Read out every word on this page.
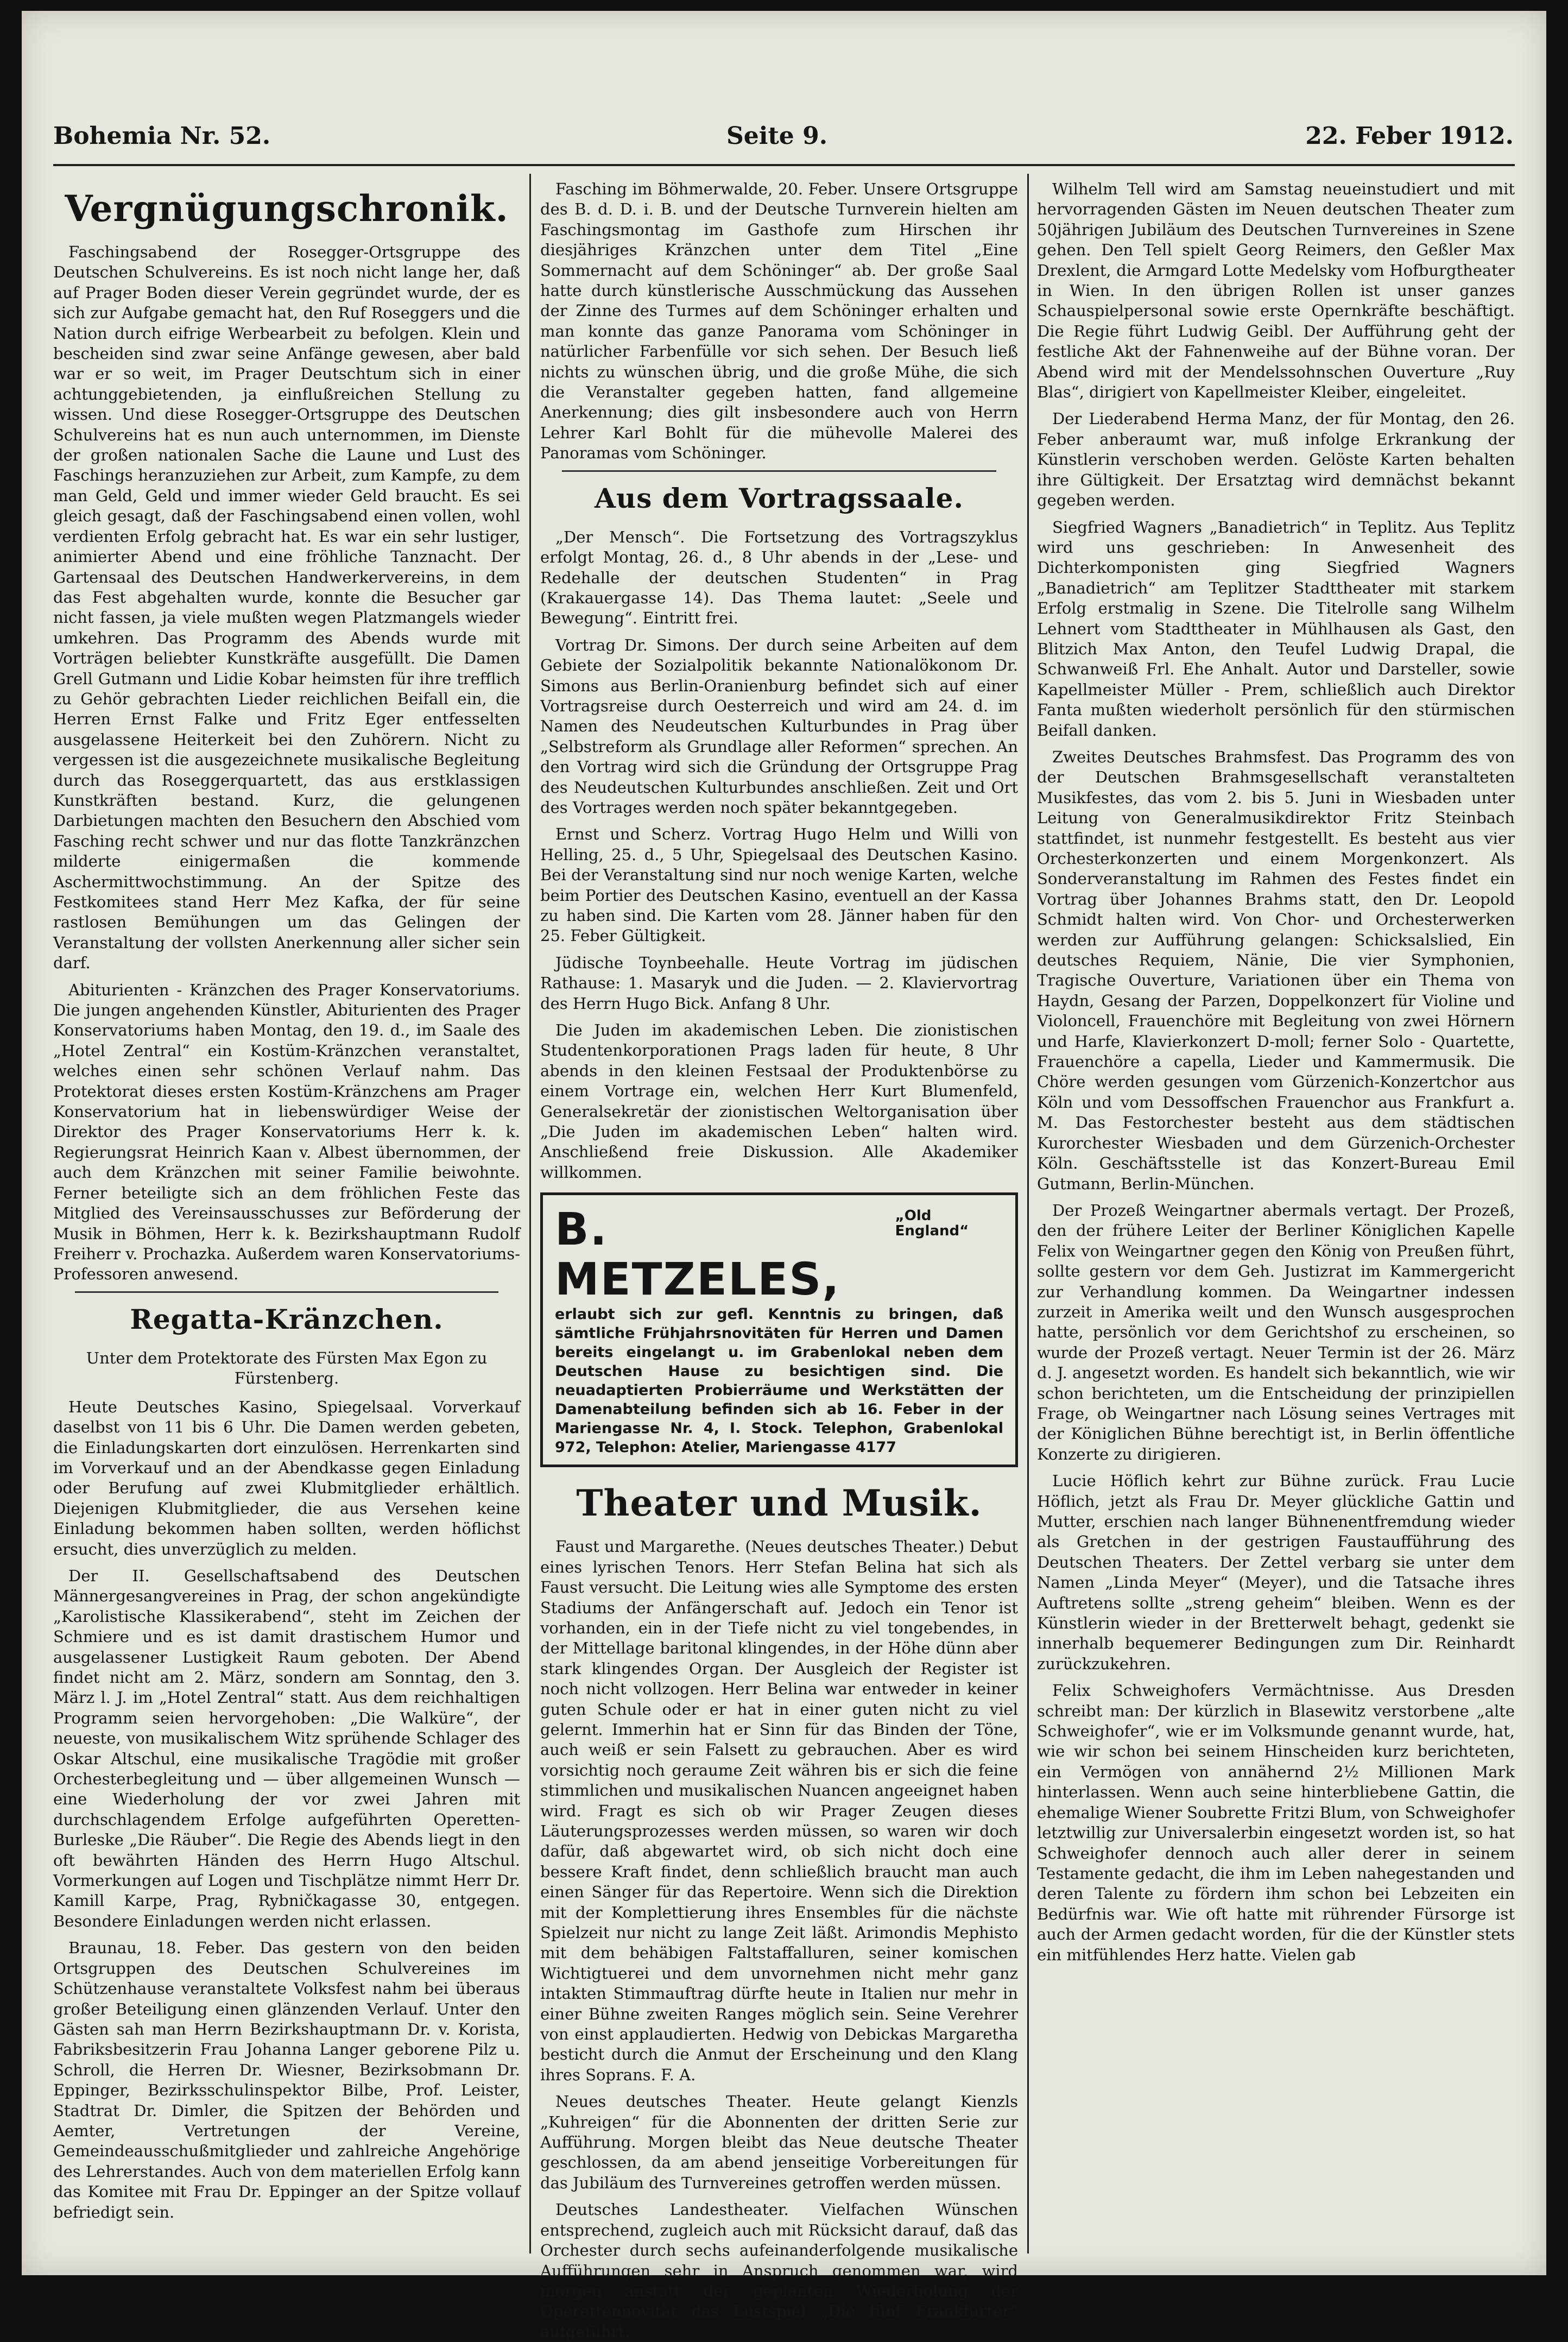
Bohemia Nr. 52.	Seite 9.	22. Feber 1912.
Vergnügungschronik.

Faschingsabend der Rosegger-Ortsgruppe des Deutschen Schulvereins. Es ist noch nicht lange her, daß auf Prager Boden dieser Verein gegründet wurde, der es sich zur Aufgabe gemacht hat, den Ruf Roseggers und die Nation durch eifrige Werbearbeit zu befolgen. Klein und bescheiden sind zwar seine Anfänge gewesen, aber bald war er so weit, im Prager Deutschtum sich in einer achtunggebietenden, ja einflußreichen Stellung zu wissen. Und diese Rosegger-Ortsgruppe des Deutschen Schulvereins hat es nun auch unternommen, im Dienste der großen nationalen Sache die Laune und Lust des Faschings heranzuziehen zur Arbeit, zum Kampfe, zu dem man Geld, Geld und immer wieder Geld braucht. Es sei gleich gesagt, daß der Faschingsabend einen vollen, wohl verdienten Erfolg gebracht hat. Es war ein sehr lustiger, animierter Abend und eine fröhliche Tanznacht. Der Gartensaal des Deutschen Handwerkervereins, in dem das Fest abgehalten wurde, konnte die Besucher gar nicht fassen, ja viele mußten wegen Platzmangels wieder umkehren. Das Programm des Abends wurde mit Vorträgen beliebter Kunstkräfte ausgefüllt. Die Damen Grell Gutmann und Lidie Kobar heimsten für ihre trefflich zu Gehör gebrachten Lieder reichlichen Beifall ein, die Herren Ernst Falke und Fritz Eger entfesselten ausgelassene Heiterkeit bei den Zuhörern. Nicht zu vergessen ist die ausgezeichnete musikalische Begleitung durch das Roseggerquartett, das aus erstklassigen Kunstkräften bestand. Kurz, die gelungenen Darbietungen machten den Besuchern den Abschied vom Fasching recht schwer und nur das flotte Tanzkränzchen milderte einigermaßen die kommende Aschermittwochstimmung. An der Spitze des Festkomitees stand Herr Mez Kafka, der für seine rastlosen Bemühungen um das Gelingen der Veranstaltung der vollsten Anerkennung aller sicher sein darf.

Abiturienten - Kränzchen des Prager Konservatoriums. Die jungen angehenden Künstler, Abiturienten des Prager Konservatoriums haben Montag, den 19. d., im Saale des „Hotel Zentral“ ein Kostüm-Kränzchen veranstaltet, welches einen sehr schönen Verlauf nahm. Das Protektorat dieses ersten Kostüm-Kränzchens am Prager Konservatorium hat in liebenswürdiger Weise der Direktor des Prager Konservatoriums Herr k. k. Regierungsrat Heinrich Kaan v. Albest übernommen, der auch dem Kränzchen mit seiner Familie beiwohnte. Ferner beteiligte sich an dem fröhlichen Feste das Mitglied des Vereinsausschusses zur Beförderung der Musik in Böhmen, Herr k. k. Bezirkshauptmann Rudolf Freiherr v. Prochazka. Außerdem waren Konservatoriums-Professoren anwesend.

Regatta-Kränzchen.
Unter dem Protektorate des Fürsten Max Egon zu Fürstenberg.

Heute Deutsches Kasino, Spiegelsaal. Vorverkauf daselbst von 11 bis 6 Uhr. Die Damen werden gebeten, die Einladungskarten dort einzulösen. Herrenkarten sind im Vorverkauf und an der Abendkasse gegen Einladung oder Berufung auf zwei Klubmitglieder erhältlich. Diejenigen Klubmitglieder, die aus Versehen keine Einladung bekommen haben sollten, werden höflichst ersucht, dies unverzüglich zu melden.

Der II. Gesellschaftsabend des Deutschen Männergesangvereines in Prag, der schon angekündigte „Karolistische Klassikerabend“, steht im Zeichen der Schmiere und es ist damit drastischem Humor und ausgelassener Lustigkeit Raum geboten. Der Abend findet nicht am 2. März, sondern am Sonntag, den 3. März l. J. im „Hotel Zentral“ statt. Aus dem reichhaltigen Programm seien hervorgehoben: „Die Walküre“, der neueste, von musikalischem Witz sprühende Schlager des Oskar Altschul, eine musikalische Tragödie mit großer Orchesterbegleitung und — über allgemeinen Wunsch — eine Wiederholung der vor zwei Jahren mit durchschlagendem Erfolge aufgeführten Operetten-Burleske „Die Räuber“. Die Regie des Abends liegt in den oft bewährten Händen des Herrn Hugo Altschul. Vormerkungen auf Logen und Tischplätze nimmt Herr Dr. Kamill Karpe, Prag, Rybničkagasse 30, entgegen. Besondere Einladungen werden nicht erlassen.

Braunau, 18. Feber. Das gestern von den beiden Ortsgruppen des Deutschen Schulvereines im Schützenhause veranstaltete Volksfest nahm bei überaus großer Beteiligung einen glänzenden Verlauf. Unter den Gästen sah man Herrn Bezirkshauptmann Dr. v. Korista, Fabriksbesitzerin Frau Johanna Langer geborene Pilz u. Schroll, die Herren Dr. Wiesner, Bezirksobmann Dr. Eppinger, Bezirksschulinspektor Bilbe, Prof. Leister, Stadtrat Dr. Dimler, die Spitzen der Behörden und Aemter, Vertretungen der Vereine, Gemeindeausschußmitglieder und zahlreiche Angehörige des Lehrerstandes. Auch von dem materiellen Erfolg kann das Komitee mit Frau Dr. Eppinger an der Spitze vollauf befriedigt sein.

Fasching im Böhmerwalde, 20. Feber. Unsere Ortsgruppe des B. d. D. i. B. und der Deutsche Turnverein hielten am Faschingsmontag im Gasthofe zum Hirschen ihr diesjähriges Kränzchen unter dem Titel „Eine Sommernacht auf dem Schöninger“ ab. Der große Saal hatte durch künstlerische Ausschmückung das Aussehen der Zinne des Turmes auf dem Schöninger erhalten und man konnte das ganze Panorama vom Schöninger in natürlicher Farbenfülle vor sich sehen. Der Besuch ließ nichts zu wünschen übrig, und die große Mühe, die sich die Veranstalter gegeben hatten, fand allgemeine Anerkennung; dies gilt insbesondere auch von Herrn Lehrer Karl Bohlt für die mühevolle Malerei des Panoramas vom Schöninger.

Aus dem Vortragssaale.

„Der Mensch“. Die Fortsetzung des Vortragszyklus erfolgt Montag, 26. d., 8 Uhr abends in der „Lese- und Redehalle der deutschen Studenten“ in Prag (Krakauergasse 14). Das Thema lautet: „Seele und Bewegung“. Eintritt frei.

Vortrag Dr. Simons. Der durch seine Arbeiten auf dem Gebiete der Sozialpolitik bekannte Nationalökonom Dr. Simons aus Berlin-Oranienburg befindet sich auf einer Vortragsreise durch Oesterreich und wird am 24. d. im Namen des Neudeutschen Kulturbundes in Prag über „Selbstreform als Grundlage aller Reformen“ sprechen. An den Vortrag wird sich die Gründung der Ortsgruppe Prag des Neudeutschen Kulturbundes anschließen. Zeit und Ort des Vortrages werden noch später bekanntgegeben.

Ernst und Scherz. Vortrag Hugo Helm und Willi von Helling, 25. d., 5 Uhr, Spiegelsaal des Deutschen Kasino. Bei der Veranstaltung sind nur noch wenige Karten, welche beim Portier des Deutschen Kasino, eventuell an der Kassa zu haben sind. Die Karten vom 28. Jänner haben für den 25. Feber Gültigkeit.

Jüdische Toynbeehalle. Heute Vortrag im jüdischen Rathause: 1. Masaryk und die Juden. — 2. Klaviervortrag des Herrn Hugo Bick. Anfang 8 Uhr.

Die Juden im akademischen Leben. Die zionistischen Studentenkorporationen Prags laden für heute, 8 Uhr abends in den kleinen Festsaal der Produktenbörse zu einem Vortrage ein, welchen Herr Kurt Blumenfeld, Generalsekretär der zionistischen Weltorganisation über „Die Juden im akademischen Leben“ halten wird. Anschließend freie Diskussion. Alle Akademiker willkommen.

B. METZELES,
„Old England“
erlaubt sich zur gefl. Kenntnis zu bringen, daß sämtliche Frühjahrsnovitäten für Herren und Damen bereits eingelangt u. im Grabenlokal neben dem Deutschen Hause zu besichtigen sind. Die neuadaptierten Probierräume und Werkstätten der Damenabteilung befinden sich ab 16. Feber in der Mariengasse Nr. 4, I. Stock. Telephon, Grabenlokal 972, Telephon: Atelier, Mariengasse 4177
Theater und Musik.

Faust und Margarethe. (Neues deutsches Theater.) Debut eines lyrischen Tenors. Herr Stefan Belina hat sich als Faust versucht. Die Leitung wies alle Symptome des ersten Stadiums der Anfängerschaft auf. Jedoch ein Tenor ist vorhanden, ein in der Tiefe nicht zu viel tongebendes, in der Mittellage baritonal klingendes, in der Höhe dünn aber stark klingendes Organ. Der Ausgleich der Register ist noch nicht vollzogen. Herr Belina war entweder in keiner guten Schule oder er hat in einer guten nicht zu viel gelernt. Immerhin hat er Sinn für das Binden der Töne, auch weiß er sein Falsett zu gebrauchen. Aber es wird vorsichtig noch geraume Zeit währen bis er sich die feine stimmlichen und musikalischen Nuancen angeeignet haben wird. Fragt es sich ob wir Prager Zeugen dieses Läuterungsprozesses werden müssen, so waren wir doch dafür, daß abgewartet wird, ob sich nicht doch eine bessere Kraft findet, denn schließlich braucht man auch einen Sänger für das Repertoire. Wenn sich die Direktion mit der Komplettierung ihres Ensembles für die nächste Spielzeit nur nicht zu lange Zeit läßt. Arimondis Mephisto mit dem behäbigen Faltstaffalluren, seiner komischen Wichtigtuerei und dem unvornehmen nicht mehr ganz intakten Stimmauftrag dürfte heute in Italien nur mehr in einer Bühne zweiten Ranges möglich sein. Seine Verehrer von einst applaudierten. Hedwig von Debickas Margaretha besticht durch die Anmut der Erscheinung und den Klang ihres Soprans. F. A.

Neues deutsches Theater. Heute gelangt Kienzls „Kuhreigen“ für die Abonnenten der dritten Serie zur Aufführung. Morgen bleibt das Neue deutsche Theater geschlossen, da am abend jenseitige Vorbereitungen für das Jubiläum des Turnvereines getroffen werden müssen.

Deutsches Landestheater. Vielfachen Wünschen entsprechend, zugleich auch mit Rücksicht darauf, daß das Orchester durch sechs aufeinanderfolgende musikalische Aufführungen sehr in Anspruch genommen war, wird morgen anstatt der geplanten Wiederholung der Operettennovität das Lustspiel „Die fünf Frankfurter“ aufgeführt.

Wilhelm Tell wird am Samstag neueinstudiert und mit hervorragenden Gästen im Neuen deutschen Theater zum 50jährigen Jubiläum des Deutschen Turnvereines in Szene gehen. Den Tell spielt Georg Reimers, den Geßler Max Drexlent, die Armgard Lotte Medelsky vom Hofburgtheater in Wien. In den übrigen Rollen ist unser ganzes Schauspielpersonal sowie erste Opernkräfte beschäftigt. Die Regie führt Ludwig Geibl. Der Aufführung geht der festliche Akt der Fahnenweihe auf der Bühne voran. Der Abend wird mit der Mendelssohnschen Ouverture „Ruy Blas“, dirigiert von Kapellmeister Kleiber, eingeleitet.

Der Liederabend Herma Manz, der für Montag, den 26. Feber anberaumt war, muß infolge Erkrankung der Künstlerin verschoben werden. Gelöste Karten behalten ihre Gültigkeit. Der Ersatztag wird demnächst bekannt gegeben werden.

Siegfried Wagners „Banadietrich“ in Teplitz. Aus Teplitz wird uns geschrieben: In Anwesenheit des Dichterkomponisten ging Siegfried Wagners „Banadietrich“ am Teplitzer Stadttheater mit starkem Erfolg erstmalig in Szene. Die Titelrolle sang Wilhelm Lehnert vom Stadttheater in Mühlhausen als Gast, den Blitzich Max Anton, den Teufel Ludwig Drapal, die Schwanweiß Frl. Ehe Anhalt. Autor und Darsteller, sowie Kapellmeister Müller - Prem, schließlich auch Direktor Fanta mußten wiederholt persönlich für den stürmischen Beifall danken.

Zweites Deutsches Brahmsfest. Das Programm des von der Deutschen Brahmsgesellschaft veranstalteten Musikfestes, das vom 2. bis 5. Juni in Wiesbaden unter Leitung von Generalmusikdirektor Fritz Steinbach stattfindet, ist nunmehr festgestellt. Es besteht aus vier Orchesterkonzerten und einem Morgenkonzert. Als Sonderveranstaltung im Rahmen des Festes findet ein Vortrag über Johannes Brahms statt, den Dr. Leopold Schmidt halten wird. Von Chor- und Orchesterwerken werden zur Aufführung gelangen: Schicksalslied, Ein deutsches Requiem, Nänie, Die vier Symphonien, Tragische Ouverture, Variationen über ein Thema von Haydn, Gesang der Parzen, Doppelkonzert für Violine und Violoncell, Frauenchöre mit Begleitung von zwei Hörnern und Harfe, Klavierkonzert D-moll; ferner Solo - Quartette, Frauenchöre a capella, Lieder und Kammermusik. Die Chöre werden gesungen vom Gürzenich-Konzertchor aus Köln und vom Dessoffschen Frauenchor aus Frankfurt a. M. Das Festorchester besteht aus dem städtischen Kurorchester Wiesbaden und dem Gürzenich-Orchester Köln. Geschäftsstelle ist das Konzert-Bureau Emil Gutmann, Berlin-München.

Der Prozeß Weingartner abermals vertagt. Der Prozeß, den der frühere Leiter der Berliner Königlichen Kapelle Felix von Weingartner gegen den König von Preußen führt, sollte gestern vor dem Geh. Justizrat im Kammergericht zur Verhandlung kommen. Da Weingartner indessen zurzeit in Amerika weilt und den Wunsch ausgesprochen hatte, persönlich vor dem Gerichtshof zu erscheinen, so wurde der Prozeß vertagt. Neuer Termin ist der 26. März d. J. angesetzt worden. Es handelt sich bekanntlich, wie wir schon berichteten, um die Entscheidung der prinzipiellen Frage, ob Weingartner nach Lösung seines Vertrages mit der Königlichen Bühne berechtigt ist, in Berlin öffentliche Konzerte zu dirigieren.

Lucie Höflich kehrt zur Bühne zurück. Frau Lucie Höflich, jetzt als Frau Dr. Meyer glückliche Gattin und Mutter, erschien nach langer Bühnenentfremdung wieder als Gretchen in der gestrigen Faustaufführung des Deutschen Theaters. Der Zettel verbarg sie unter dem Namen „Linda Meyer“ (Meyer), und die Tatsache ihres Auftretens sollte „streng geheim“ bleiben. Wenn es der Künstlerin wieder in der Bretterwelt behagt, gedenkt sie innerhalb bequemerer Bedingungen zum Dir. Reinhardt zurückzukehren.

Felix Schweighofers Vermächtnisse. Aus Dresden schreibt man: Der kürzlich in Blasewitz verstorbene „alte Schweighofer“, wie er im Volksmunde genannt wurde, hat, wie wir schon bei seinem Hinscheiden kurz berichteten, ein Vermögen von annähernd 2½ Millionen Mark hinterlassen. Wenn auch seine hinterbliebene Gattin, die ehemalige Wiener Soubrette Fritzi Blum, von Schweighofer letztwillig zur Universalerbin eingesetzt worden ist, so hat Schweighofer dennoch auch aller derer in seinem Testamente gedacht, die ihm im Leben nahegestanden und deren Talente zu fördern ihm schon bei Lebzeiten ein Bedürfnis war. Wie oft hatte mit rührender Fürsorge ist auch der Armen gedacht worden, für die der Künstler stets ein mitfühlendes Herz hatte. Vielen gab
